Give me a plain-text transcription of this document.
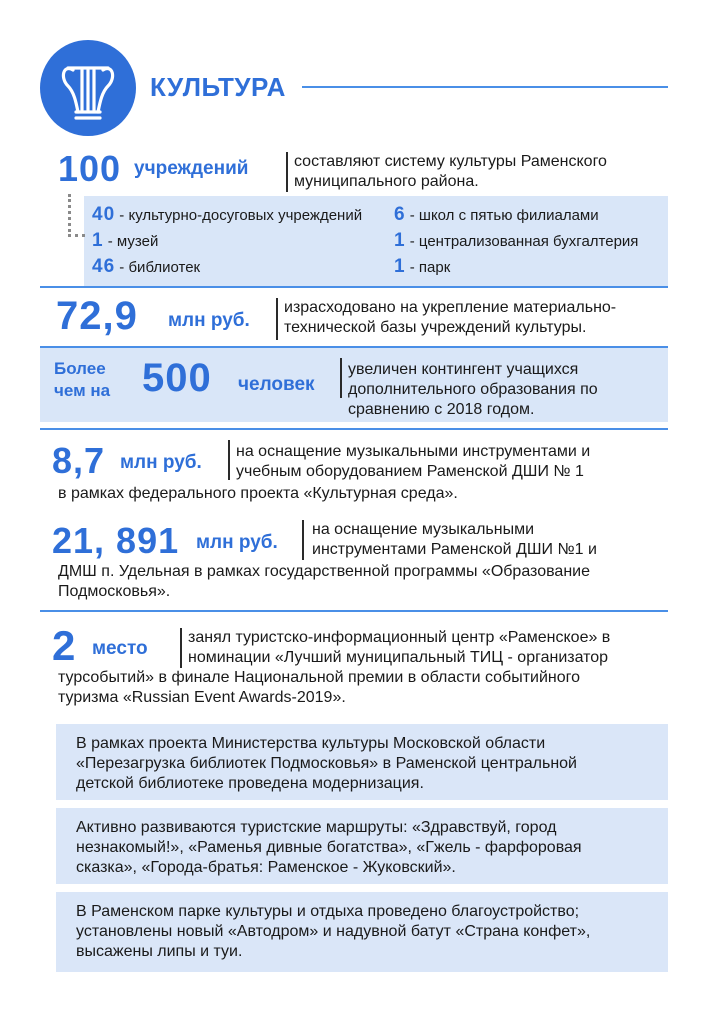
КУЛЬТУРА
100 учреждений	составляют систему культуры Раменского
муниципального района.
40 - культурно-досуговых учреждений
1 - музей
46 - библиотек
6 - школ с пятью филиалами
1 - централизованная бухгалтерия
1 - парк
72,9 млн руб.
израсходовано на укрепление материально-
технической базы учреждений культуры.
Более
чем на 500 человек
увеличен контингент учащихся
дополнительного образования по
сравнению с 2018 годом.
8,7 млн руб.
на оснащение музыкальными инструментами и
учебным оборудованием Раменской ДШИ № 1
в рамках федерального проекта «Культурная среда».
21, 891 млн руб.
на оснащение музыкальными
инструментами Раменской ДШИ №1 и
ДМШ п. Удельная в рамках государственной программы «Образование
Подмосковья».
2 место
занял туристско-информационный центр «Раменское» в
номинации «Лучший муниципальный ТИЦ - организатор
турсобытий» в финале Национальной премии в области событийного
туризма «Russian Event Awards-2019».
В рамках проекта Министерства культуры Московской области
«Перезагрузка библиотек Подмосковья» в Раменской центральной
детской библиотеке проведена модернизация.
Активно развиваются туристские маршруты: «Здравствуй, город
незнакомый!», «Раменья дивные богатства», «Гжель - фарфоровая
сказка», «Города-братья: Раменское - Жуковский».
В Раменском парке культуры и отдыха проведено благоустройство;
установлены новый «Автодром» и надувной батут «Страна конфет»,
высажены липы и туи.
